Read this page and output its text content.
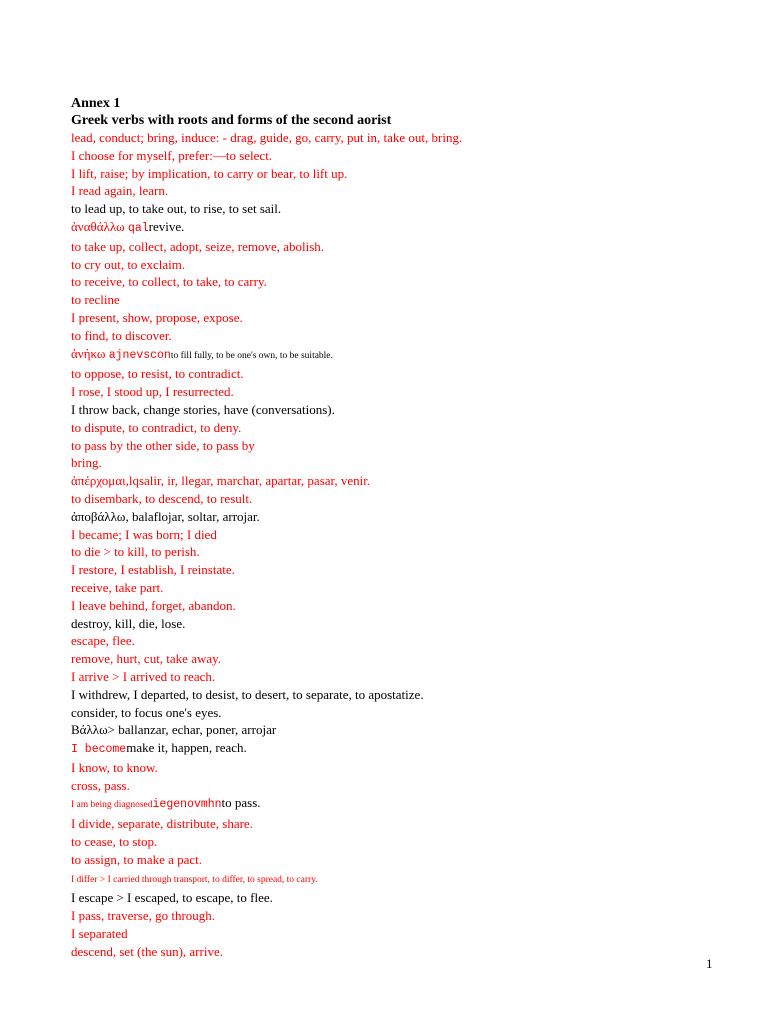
Annex 1
Greek verbs with roots and forms of the second aorist
lead, conduct; bring, induce: - drag, guide, go, carry, put in, take out, bring.
I choose for myself, prefer:—to select.
I lift, raise; by implication, to carry or bear, to lift up.
I read again, learn.
to lead up, to take out, to rise, to set sail.
ἀναθάλλω qalrevive.
to take up, collect, adopt, seize, remove, abolish.
to cry out, to exclaim.
to receive, to collect, to take, to carry.
to recline
I present, show, propose, expose.
to find, to discover.
ἀνήκω ajnevsconto fill fully, to be one's own, to be suitable.
to oppose, to resist, to contradict.
I rose, I stood up, I resurrected.
I throw back, change stories, have (conversations).
to dispute, to contradict, to deny.
to pass by the other side, to pass by
bring.
ἀπέρχομαι,lqsalir, ir, llegar, marchar, apartar, pasar, venir.
to disembark, to descend, to result.
ἀποβάλλω, balaflojar, soltar, arrojar.
I became; I was born; I died
to die > to kill, to perish.
I restore, I establish, I reinstate.
receive, take part.
I leave behind, forget, abandon.
destroy, kill, die, lose.
escape, flee.
remove, hurt, cut, take away.
I arrive > I arrived to reach.
I withdrew, I departed, to desist, to desert, to separate, to apostatize.
consider, to focus one's eyes.
Βάλλω> ballanzar, echar, poner, arrojar
I becomemake it, happen, reach.
I know, to know.
cross, pass.
I am being diagnosediegenovmhnto pass.
I divide, separate, distribute, share.
to cease, to stop.
to assign, to make a pact.
I differ > I carried through transport, to differ, to spread, to carry.
I escape > I escaped, to escape, to flee.
I pass, traverse, go through.
I separated
descend, set (the sun), arrive.
1
